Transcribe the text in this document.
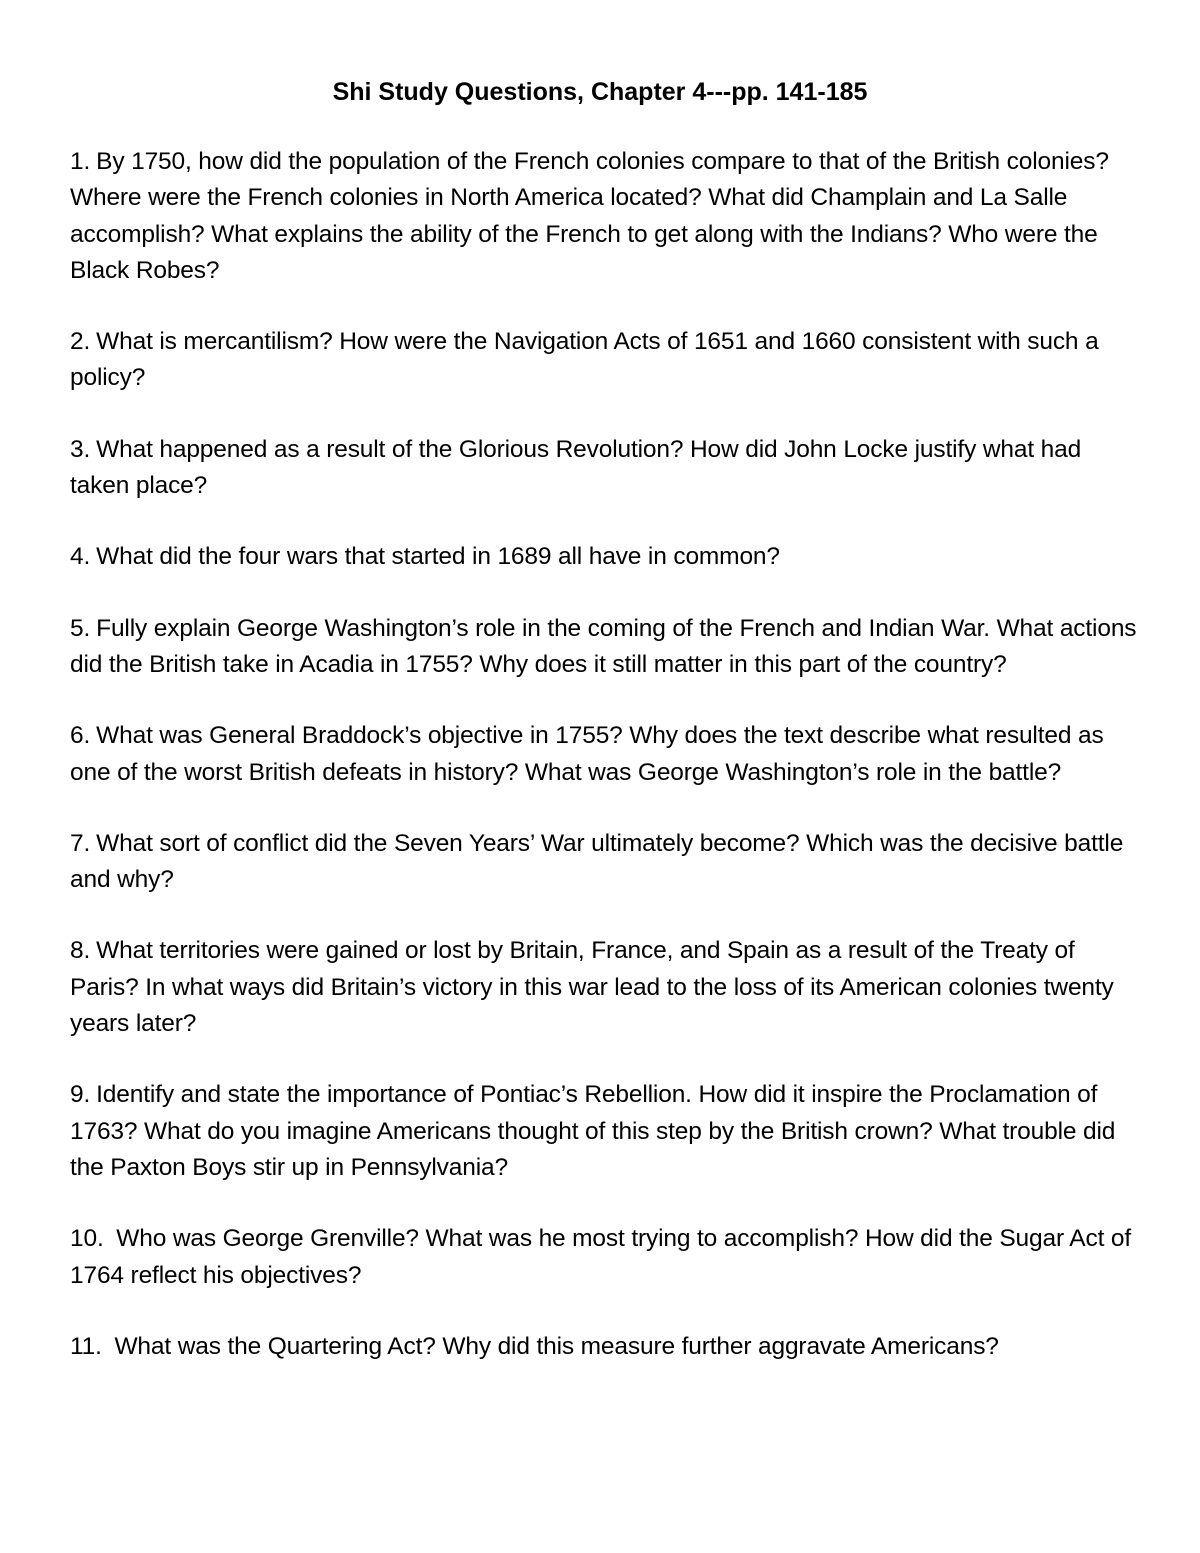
Shi Study Questions, Chapter 4---pp. 141-185
1. By 1750, how did the population of the French colonies compare to that of the British colonies? Where were the French colonies in North America located? What did Champlain and La Salle accomplish? What explains the ability of the French to get along with the Indians? Who were the Black Robes?
2. What is mercantilism? How were the Navigation Acts of 1651 and 1660 consistent with such a policy?
3. What happened as a result of the Glorious Revolution? How did John Locke justify what had taken place?
4. What did the four wars that started in 1689 all have in common?
5. Fully explain George Washington’s role in the coming of the French and Indian War. What actions did the British take in Acadia in 1755? Why does it still matter in this part of the country?
6. What was General Braddock’s objective in 1755? Why does the text describe what resulted as one of the worst British defeats in history? What was George Washington’s role in the battle?
7. What sort of conflict did the Seven Years’ War ultimately become? Which was the decisive battle and why?
8. What territories were gained or lost by Britain, France, and Spain as a result of the Treaty of Paris? In what ways did Britain’s victory in this war lead to the loss of its American colonies twenty years later?
9. Identify and state the importance of Pontiac’s Rebellion. How did it inspire the Proclamation of 1763? What do you imagine Americans thought of this step by the British crown? What trouble did the Paxton Boys stir up in Pennsylvania?
10. Who was George Grenville? What was he most trying to accomplish? How did the Sugar Act of 1764 reflect his objectives?
11. What was the Quartering Act? Why did this measure further aggravate Americans?
